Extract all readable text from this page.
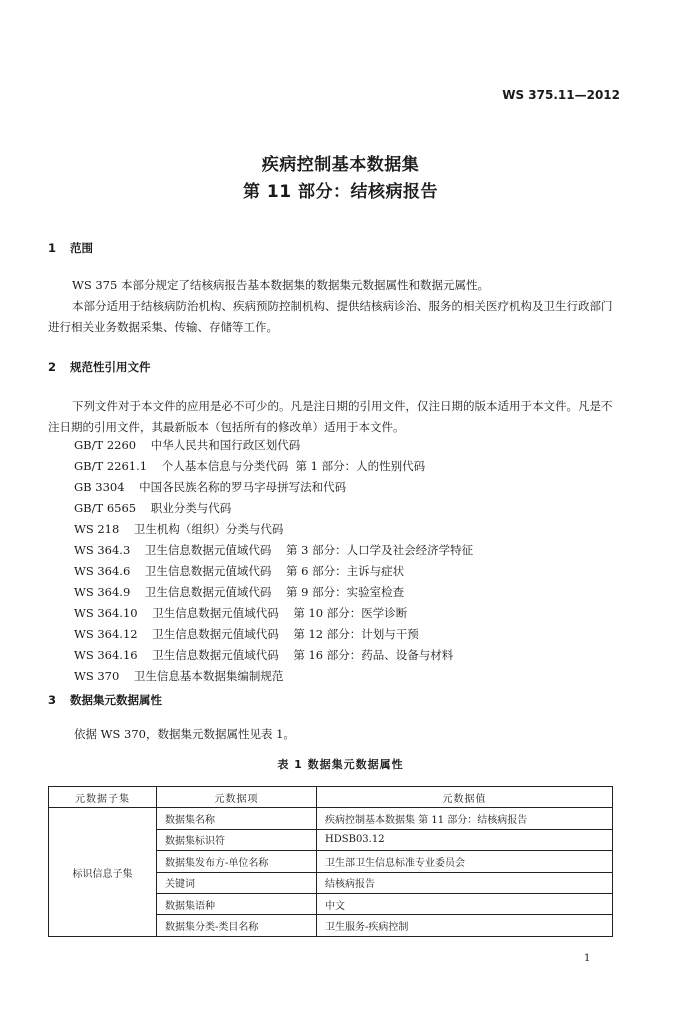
WS 375.11—2012
疾病控制基本数据集
第 11 部分：结核病报告
1 范围
WS 375 本部分规定了结核病报告基本数据集的数据集元数据属性和数据元属性。
本部分适用于结核病防治机构、疾病预防控制机构、提供结核病诊治、服务的相关医疗机构及卫生行政部门进行相关业务数据采集、传输、存储等工作。
2 规范性引用文件
下列文件对于本文件的应用是必不可少的。凡是注日期的引用文件，仅注日期的版本适用于本文件。凡是不注日期的引用文件，其最新版本（包括所有的修改单）适用于本文件。
GB/T 2260    中华人民共和国行政区划代码
GB/T 2261.1    个人基本信息与分类代码  第 1 部分：人的性别代码
GB 3304    中国各民族名称的罗马字母拼写法和代码
GB/T 6565    职业分类与代码
WS 218    卫生机构（组织）分类与代码
WS 364.3    卫生信息数据元值域代码    第 3 部分：人口学及社会经济学特征
WS 364.6    卫生信息数据元值域代码    第 6 部分：主诉与症状
WS 364.9    卫生信息数据元值域代码    第 9 部分：实验室检查
WS 364.10    卫生信息数据元值域代码    第 10 部分：医学诊断
WS 364.12    卫生信息数据元值域代码    第 12 部分：计划与干预
WS 364.16    卫生信息数据元值域代码    第 16 部分：药品、设备与材料
WS 370    卫生信息基本数据集编制规范
3 数据集元数据属性
依据 WS 370，数据集元数据属性见表 1。
表 1 数据集元数据属性
元数据子集	元数据项	元数据值
标识信息子集	数据集名称	疾病控制基本数据集 第 11 部分：结核病报告
	数据集标识符	HDSB03.12
	数据集发布方-单位名称	卫生部卫生信息标准专业委员会
	关键词	结核病报告
	数据集语种	中文
	数据集分类-类目名称	卫生服务-疾病控制
1
